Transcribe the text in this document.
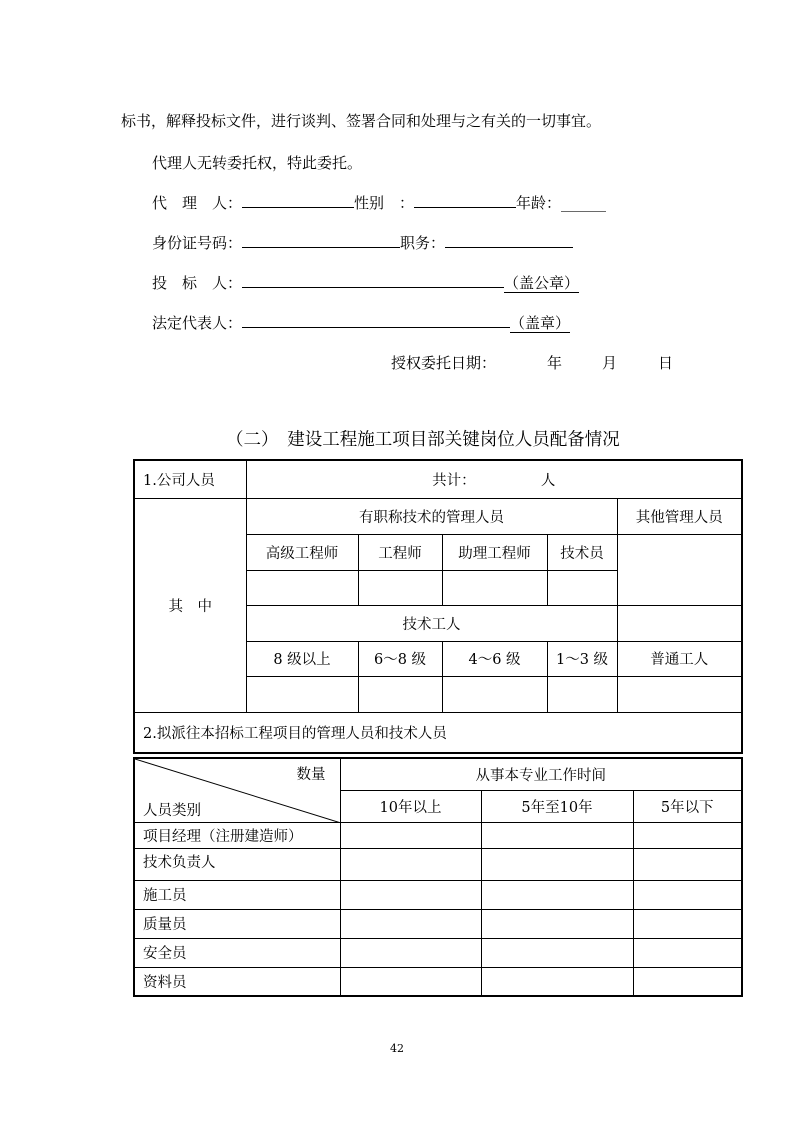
标书，解释投标文件，进行谈判、签署合同和处理与之有关的一切事宜。
代理人无转委托权，特此委托。
代　理　人：	性别　：	年龄：______
身份证号码：	职务：
投　标　人：	（盖公章）
法定代表人：	（盖章）
授权委托日期：	年	月	日
（二）　建设工程施工项目部关键岗位人员配备情况
1.公司人员	共计：　　　　　人				
其　中	有职称技术的管理人员				其他管理人员
	高级工程师	工程师	助理工程师	技术员	

	技术工人				
	8 级以上	6～8 级	4～6 级	1～3 级	普通工人

2.拟派往本招标工程项目的管理人员和技术人员					
数量
人员类别	从事本专业工作时间		
	10年以上	5年至10年	5年以下
项目经理（注册建造师）			
技术负责人			
施工员			
质量员			
安全员			
资料员			
42
